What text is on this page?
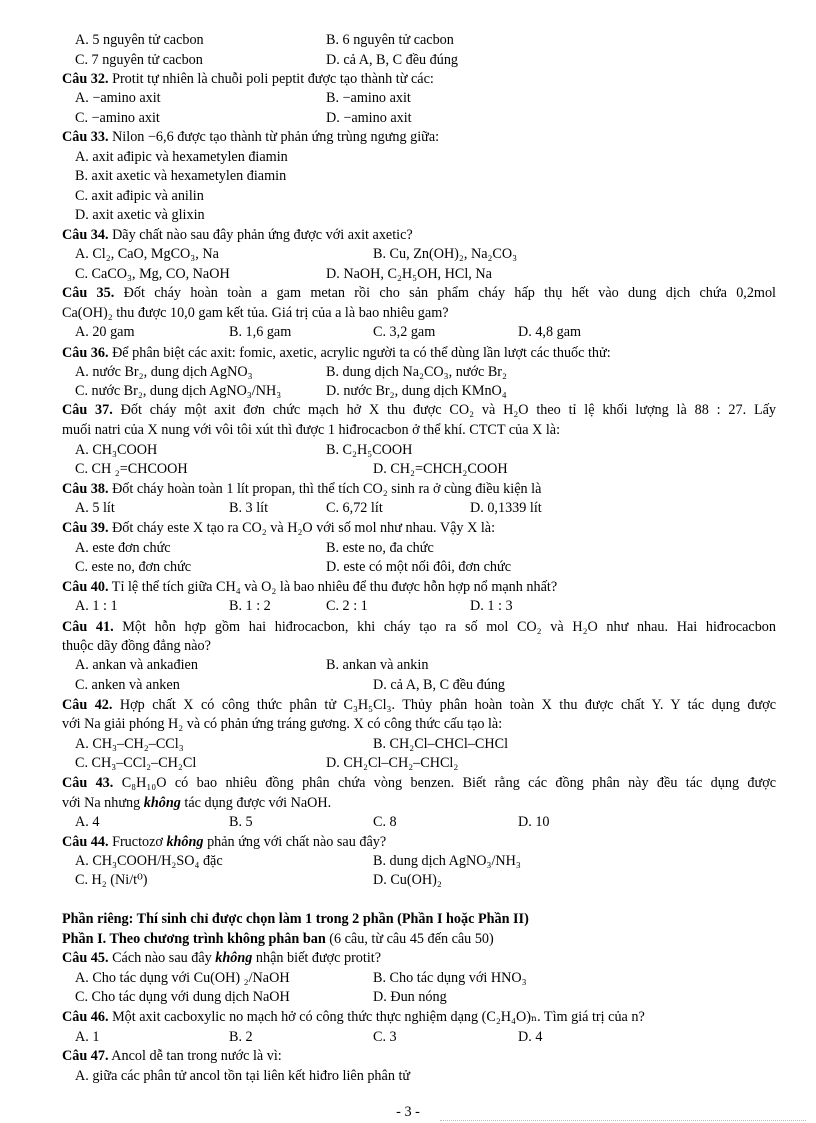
A. 5 nguyên tử cacbon	B. 6 nguyên tử cacbon
C. 7 nguyên tử cacbon	D. cả A, B, C đều đúng
Câu 32. Protit tự nhiên là chuỗi poli peptit được tạo thành từ các:
A. −amino axit	B. −amino axit
C. −amino axit	D. −amino axit
Câu 33. Nilon −6,6 được tạo thành từ phản ứng trùng ngưng giữa:
A. axit ađipic và hexametylen điamin
B. axit axetic và hexametylen điamin
C. axit ađipic và anilin
D. axit axetic và glixin
Câu 34. Dãy chất nào sau đây phản ứng được với axit axetic?
A. Cl₂, CaO, MgCO₃, Na	B. Cu, Zn(OH)₂, Na₂CO₃
C. CaCO₃, Mg, CO, NaOH	D. NaOH, C₂H₅OH, HCl, Na
Câu 35. Đốt cháy hoàn toàn a gam metan rồi cho sản phẩm cháy hấp thụ hết vào dung dịch chứa 0,2mol
Ca(OH)₂ thu được 10,0 gam kết tủa. Giá trị của a là bao nhiêu gam?
A. 20 gam	B. 1,6 gam	C. 3,2 gam	D. 4,8 gam
Câu 36. Để phân biệt các axit: fomic, axetic, acrylic người ta có thể dùng lần lượt các thuốc thử:
A. nước Br₂, dung dịch AgNO₃	B. dung dịch Na₂CO₃, nước Br₂
C. nước Br₂, dung dịch AgNO₃/NH₃	D. nước Br₂, dung dịch KMnO₄
Câu 37. Đốt cháy một axit đơn chức mạch hở X thu được CO₂ và H₂O theo tỉ lệ khối lượng là 88 : 27. Lấy
muối natri của X nung với vôi tôi xút thì được 1 hiđrocacbon ở thể khí. CTCT của X là:
A. CH₃COOH	B. C₂H₅COOH
C. CH ₂=CHCOOH	D. CH₂=CHCH₂COOH
Câu 38. Đốt cháy hoàn toàn 1 lít propan, thì thể tích CO₂ sinh ra ở cùng điều kiện là
A. 5 lít	B. 3 lít	C. 6,72 lít	D. 0,1339 lít
Câu 39. Đốt cháy este X tạo ra CO₂ và H₂O với số mol như nhau. Vậy X là:
A. este đơn chức	B. este no, đa chức
C. este no, đơn chức	D. este có một nối đôi, đơn chức
Câu 40. Tỉ lệ thể tích giữa CH₄ và O₂ là bao nhiêu để thu được hỗn hợp nổ mạnh nhất?
A. 1 : 1	B. 1 : 2	C. 2 : 1	D. 1 : 3
Câu 41. Một hỗn hợp gồm hai hiđrocacbon, khi cháy tạo ra số mol CO₂ và H₂O như nhau. Hai hiđrocacbon
thuộc dãy đồng đẳng nào?
A. ankan và ankađien	B. ankan và ankin
C. anken và anken	D. cả A, B, C đều đúng
Câu 42. Hợp chất X có công thức phân tử C₃H₅Cl₃. Thủy phân hoàn toàn X thu được chất Y. Y tác dụng được
với Na giải phóng H₂ và có phản ứng tráng gương. X có công thức cấu tạo là:
A. CH₃–CH₂–CCl₃	B. CH₂Cl–CHCl–CHCl
C. CH₃–CCl₂–CH₂Cl	D. CH₂Cl–CH₂–CHCl₂
Câu 43. C₈H₁₀O có bao nhiêu đồng phân chứa vòng benzen. Biết rằng các đồng phân này đều tác dụng được
với Na nhưng không tác dụng được với NaOH.
A. 4	B. 5	C. 8	D. 10
Câu 44. Fructozơ không phản ứng với chất nào sau đây?
A. CH₃COOH/H₂SO₄ đặc	B. dung dịch AgNO₃/NH₃
C. H₂ (Ni/t⁰)	D. Cu(OH)₂
Phần riêng: Thí sinh chỉ được chọn làm 1 trong 2 phần (Phần I hoặc Phần II)
Phần I. Theo chương trình không phân ban (6 câu, từ câu 45 đến câu 50)
Câu 45. Cách nào sau đây không nhận biết được protit?
A. Cho tác dụng với Cu(OH) ₂/NaOH	B. Cho tác dụng với HNO₃
C. Cho tác dụng với dung dịch NaOH	D. Đun nóng
Câu 46. Một axit cacboxylic no mạch hở có công thức thực nghiệm dạng (C₂H₄O)ₙ. Tìm giá trị của n?
A. 1	B. 2	C. 3	D. 4
Câu 47. Ancol dễ tan trong nước là vì:
A. giữa các phân tử ancol tồn tại liên kết hiđro liên phân tử
- 3 -
